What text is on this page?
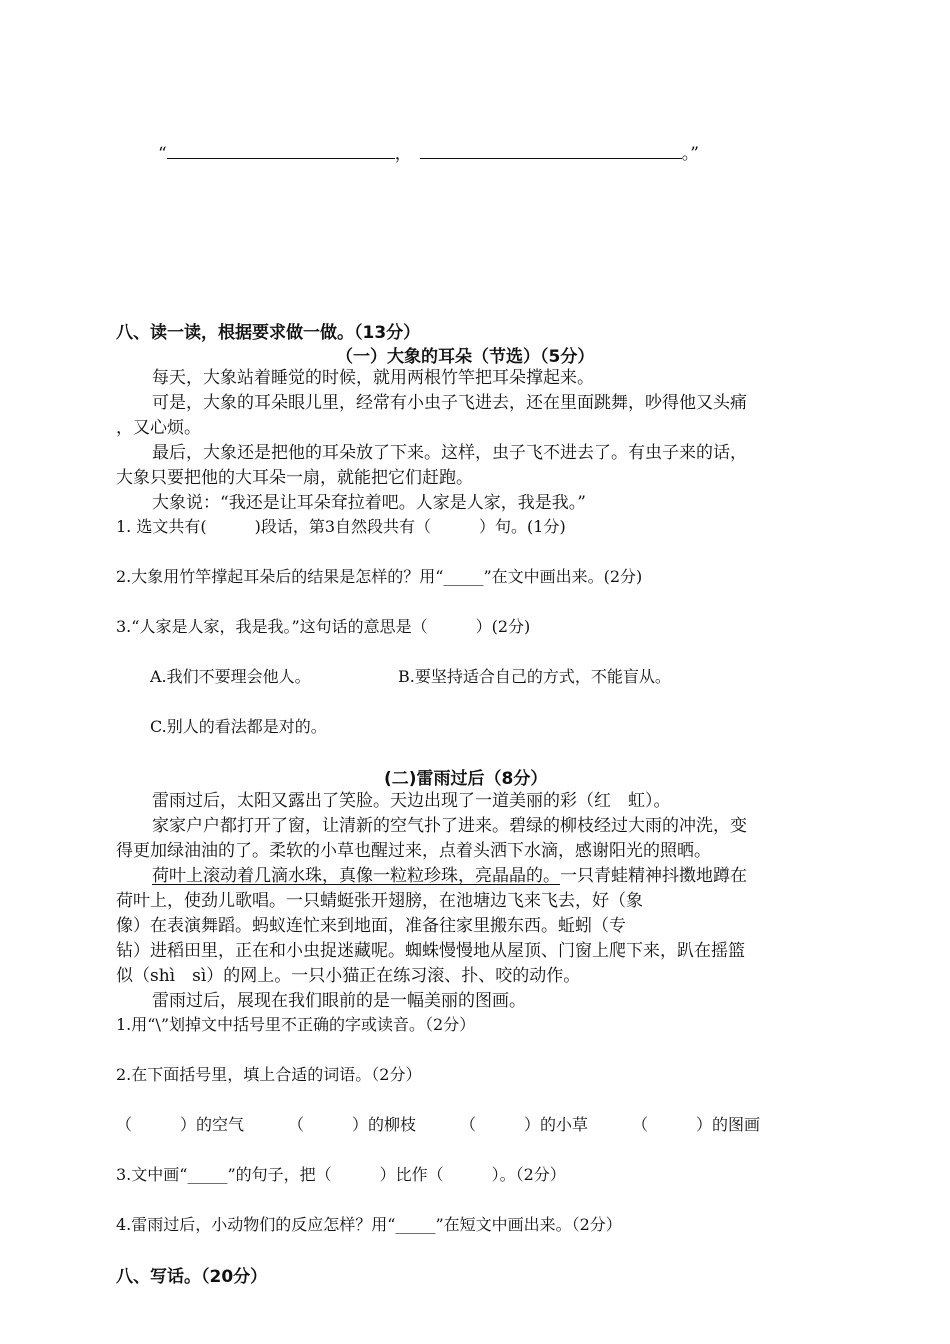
“	，	。”
八、读一读，根据要求做一做。（13分）
（一）大象的耳朵（节选）（5分）
每天，大象站着睡觉的时候，就用两根竹竿把耳朵撑起来。
可是，大象的耳朵眼儿里，经常有小虫子飞进去，还在里面跳舞，吵得他又头痛
，又心烦。
最后，大象还是把他的耳朵放了下来。这样，虫子飞不进去了。有虫子来的话，
大象只要把他的大耳朵一扇，就能把它们赶跑。
大象说：“我还是让耳朵耷拉着吧。人家是人家，我是我。”
1. 选文共有(　　　)段话，第3自然段共有（　　　）句。(1分)
2.大象用竹竿撑起耳朵后的结果是怎样的？用“_____”在文中画出来。(2分)
3.“人家是人家，我是我。”这句话的意思是（　　　）(2分)
A.我们不要理会他人。	B.要坚持适合自己的方式，不能盲从。
C.别人的看法都是对的。
(二)雷雨过后（8分）
雷雨过后，太阳又露出了笑脸。天边出现了一道美丽的彩（红　虹）。
家家户户都打开了窗，让清新的空气扑了进来。碧绿的柳枝经过大雨的冲洗，变
得更加绿油油的了。柔软的小草也醒过来，点着头洒下水滴，感谢阳光的照晒。
荷叶上滚动着几滴水珠，真像一粒粒珍珠，亮晶晶的。一只青蛙精神抖擞地蹲在
荷叶上，使劲儿歌唱。一只蜻蜓张开翅膀，在池塘边飞来飞去，好（象
像）在表演舞蹈。蚂蚁连忙来到地面，准备往家里搬东西。蚯蚓（专
钻）进稻田里，正在和小虫捉迷藏呢。蜘蛛慢慢地从屋顶、门窗上爬下来，趴在摇篮
似（shì　sì）的网上。一只小猫正在练习滚、扑、咬的动作。
雷雨过后，展现在我们眼前的是一幅美丽的图画。
1.用“\”划掉文中括号里不正确的字或读音。（2分）
2.在下面括号里，填上合适的词语。（2分）
（　　　）的空气	（　　　）的柳枝	（　　　）的小草	（　　　）的图画
3.文中画“_____”的句子，把（　　　）比作（　　　）。（2分）
4.雷雨过后，小动物们的反应怎样？用“_____”在短文中画出来。（2分）
八、写话。（20分）
